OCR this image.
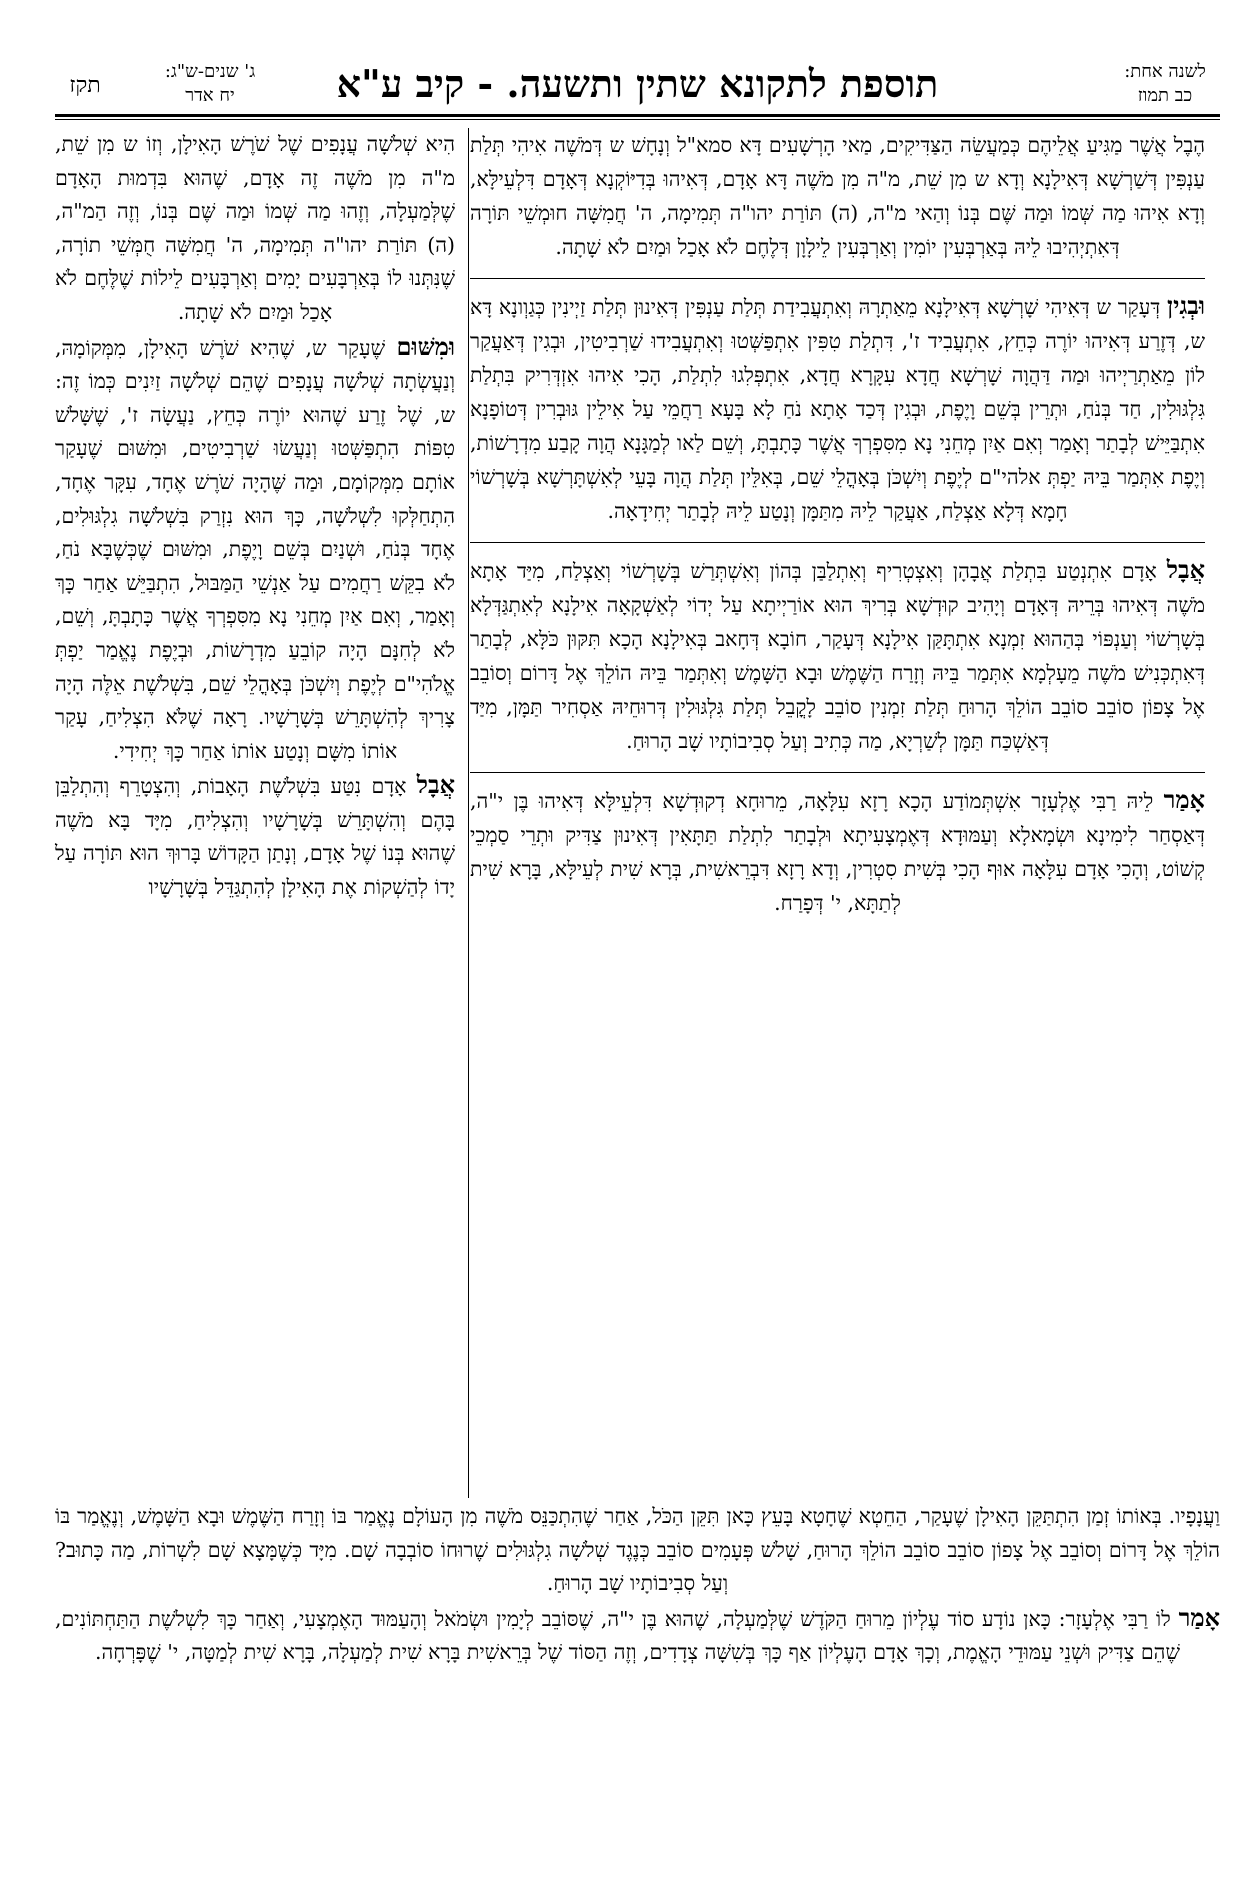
לשנה אחת:
כב תמוז
תוספת לתקונא שתין ותשעה. - קיב ע"א
ג' שנים-ש"ג:
יח אדר
תקז

הֶבֶל אֲשֶׁר מַגִּיעַ אֲלֵיהֶם כְּמַעֲשֵׂה הַצַּדִּיקִים, מַאי הָרְשָׁעִים דָּא סמא"ל וְנָחָשׁ ש דְּמֹשֶׁה אִיהִי תְּלַת עַנְפִּין דְּשַׁרְשָׁא דְּאִילָנָא וְדָא ש מִן שֵׁת, מ"ה מִן מֹשֶׁה דָּא אָדָם, דְּאִיהוּ בְּדִיּוֹקְנָא דְּאָדָם דִּלְעֵילָּא, וְדָא אִיהוּ מַה שְּׁמוֹ וּמַה שֶּׁם בְּנוֹ וְהַאי מ"ה, (ה) תּוֹרַת יהו"ה תְּמִימָה, ה' חֲמִשָּׁה חוּמְשֵׁי תּוֹרָה דְּאִתְיְהִיבוּ לֵיהּ בְּאַרְבְּעִין יוֹמִין וְאַרְבְּעִין לֵילָוָן דְּלֶחֶם לֹא אָכַל וּמַיִם לֹא שָׁתָה.

וּבְגִין דְּעָקַר ש דְּאִיהִי שָׁרְשָׁא דְּאִילָנָא מֵאַתְרָהּ וְאִתְעֲבִידַת תְּלַת עַנְפִּין דְּאִינוּן תְּלַת זַיְינִין כְּגַוְונָא דָּא ש, דְּזֶרַע דְּאִיהוּ יוֹרֶה כְּחֵץ, אִתְעֲבִיד ז', דִּתְלַת טִפִּין אִתְפַּשְּׁטוּ וְאִתְעֲבִידוּ שַׁרְבִיטִין, וּבְגִין דְּאַעֲקַר לוֹן מֵאַתְרַיְיהוּ וּמַה דַּהֲוָה שָׁרְשָׁא חֲדָא עִקָּרָא חֲדָא, אִתְפְּלִגוּ לִתְלַת, הָכִי אִיהוּ אִזְדְּרִיק בִּתְלַת גִּלְגּוּלִין, חַד בְּנֹחַ, וּתְרֵין בְּשֵׁם וָיֶפֶת, וּבְגִין דְּכַד אָתָא נֹחַ לָא בָּעָא רַחֲמֵי עַל אִילֵין גּוּבְרִין דְּטוֹפָנָא אִתְבַּיֵּישׁ לְבָתַר וְאָמַר וְאִם אַיִן מְחֵנִי נָא מִסִּפְרְךָ אֲשֶׁר כָּתָבְתָּ, וְשֵׁם לַאו לְמַגָּנָא הֲוָה קָבַע מִדְרָשׁוֹת, וְיֶפֶת אִתְּמַר בֵּיהּ יַפְתְּ אלהי"ם לְיֶפֶת וְיִשְׁכֹּן בְּאָהֳלֵי שֵׁם, בְּאִלֵּין תְּלַת הֲוָה בָּעֵי לְאִשְׁתָּרְשָׁא בְּשָׁרְשׁוֹי חָמָא דְּלָא אַצְלַח, אַעֲקַר לֵיהּ מִתַּמָּן וְנָטַע לֵיהּ לְבָתַר יְחִידָאָה.

אֲבָל אָדָם אִתְנְטַע בִּתְלַת אֲבָהָן וְאִצְטְרִיף וְאִתְלַבַּן בְּהוֹן וְאִשְׁתְּרַשׁ בְּשָׁרְשׁוֹי וְאַצְלַח, מִיַּד אָתָא מֹשֶׁה דְּאִיהוּ בְּרֵיהּ דְּאָדָם וְיָהִיב קוּדְשָׁא בְּרִיךְ הוּא אוֹרַיְיתָא עַל יְדוֹי לְאַשְׁקָאָה אִילָנָא לְאִתְגַּדְּלָא בְּשָׁרְשׁוֹי וְעַנְפּוֹי בְּהַהוּא זִמְנָא אִתְתָּקַּן אִילָנָא דְּעָקַר, חוֹבָא דְּחָאב בְּאִילָנָא הָכָא תִּקּוּן כֹּלָּא, לְבָתַר דְּאִתְכְּנִישׁ מֹשֶׁה מֵעָלְמָא אִתְּמַר בֵּיהּ וְזָרַח הַשֶּׁמֶשׁ וּבָא הַשָּׁמֶשׁ וְאִתְּמַר בֵּיהּ הוֹלֵךְ אֶל דָּרוֹם וְסוֹבֵב אֶל צָפוֹן סוֹבֵב סוֹבֵב הוֹלֵךְ הָרוּחַ תְּלַת זִמְנִין סוֹבֵב לָקֳבֵל תְּלַת גִּלְגּוּלִין דְּרוּחֵיהּ אַסְחִיר תַּמָּן, מִיַּד דְּאַשְׁכַּח תַּמָּן לְשַׁרְיָא, מַה כְּתִיב וְעַל סְבִיבוֹתָיו שָׁב הָרוּחַ.

אָמַר לֵיהּ רַבִּי אֶלְעָזָר אִשְׁתְּמוֹדַע הָכָא רָזָא עִלָּאָה, מֵרוּחָא דְקוּדְשָׁא דִּלְעֵילָּא דְּאִיהוּ בֶּן י"ה, דְּאַסְחַר לִימִינָא וּשְׂמָאלָא וְעַמּוּדָא דְּאֶמְצָעִיתָא וּלְבָתַר לִתְלַת תַּתָּאִין דְּאִינוּן צַדִּיק וּתְרֵי סַמְכֵי קְשׁוֹט, וְהָכִי אָדָם עִלָּאָה אוּף הָכִי בְּשִׁית סִטְרִין, וְדָא רָזָא דִּבְרֵאשִׁית, בְּרָא שִׁית לְעֵילָּא, בָּרָא שִׁית לְתַתָּא, י' דְּפָרַח.

הִיא שְׁלֹשָׁה עֲנָפִים שֶׁל שֹׁרֶשׁ הָאִילָן, וְזוֹ ש מִן שֵׁת, מ"ה מִן מֹשֶׁה זֶה אָדָם, שֶׁהוּא בִּדְמוּת הָאָדָם שֶׁלְּמַעְלָה, וְזֶהוּ מַה שְּׁמוֹ וּמַה שֶּׁם בְּנוֹ, וְזֶה הַמ"ה, (ה) תּוֹרַת יהו"ה תְּמִימָה, ה' חֲמִשָּׁה חֻמְּשֵׁי תוֹרָה, שֶׁנִּתְּנוּ לוֹ בְּאַרְבָּעִים יָמִים וְאַרְבָּעִים לֵילוֹת שֶׁלֶּחֶם לֹא אָכַל וּמַיִם לֹא שָׁתָה.

וּמִשּׁוּם שֶׁעָקַר ש, שֶׁהִיא שֹׁרֶשׁ הָאִילָן, מִמְּקוֹמָהּ, וְנַעֲשְׂתָה שְׁלֹשָׁה עֲנָפִים שֶׁהֵם שְׁלֹשָׁה זַיִנִים כְּמוֹ זֶה: ש, שֶׁל זֶרַע שֶׁהוּא יוֹרֶה כְּחֵץ, נַעֲשָׂה ז', שֶׁשָּׁלֹשׁ טִפּוֹת הִתְפַּשְּׁטוּ וְנַעֲשׂוּ שַׁרְבִיטִים, וּמִשּׁוּם שֶׁעָקַר אוֹתָם מִמְּקוֹמָם, וּמַה שֶּׁהָיָה שֹׁרֶשׁ אֶחָד, עִקָּר אֶחָד, הִתְחַלְּקוּ לִשְׁלֹשָׁה, כָּךְ הוּא נִזְרַק בִּשְׁלֹשָׁה גִלְגּוּלִים, אֶחָד בְּנֹחַ, וּשְׁנַיִם בְּשֵׁם וָיֶפֶת, וּמִשּׁוּם שֶׁכְּשֶׁבָּא נֹחַ, לֹא בִקֵּשׁ רַחֲמִים עַל אַנְשֵׁי הַמַּבּוּל, הִתְבַּיֵּשׁ אַחַר כָּךְ וְאָמַר, וְאִם אַיִן מְחֵנִי נָא מִסִּפְרְךָ אֲשֶׁר כָּתָבְתָּ, וְשֵׁם, לֹא לְחִנָּם הָיָה קוֹבֵעַ מִדְרָשׁוֹת, וּבְיֶפֶת נֶאֱמַר יַפְתְּ אֱלֹהִי"ם לְיֶפֶת וְיִשְׁכֹּן בְּאָהֳלֵי שֵׁם, בִּשְׁלֹשֶׁת אֵלֶּה הָיָה צָרִיךְ לְהִשְׁתָּרֵשׁ בְּשָׁרָשָׁיו. רָאָה שֶׁלֹּא הִצְלִיחַ, עָקַר אוֹתוֹ מִשָּׁם וְנָטַע אוֹתוֹ אַחַר כָּךְ יְחִידִי.

אֲבָל אָדָם נִטַּע בִּשְׁלֹשֶׁת הָאָבוֹת, וְהִצְטָרֵף וְהִתְלַבֵּן בָּהֶם וְהִשְׁתָּרֵשׁ בְּשָׁרָשָׁיו וְהִצְלִיחַ, מִיָּד בָּא מֹשֶׁה שֶׁהוּא בְּנוֹ שֶׁל אָדָם, וְנָתַן הַקָּדוֹשׁ בָּרוּךְ הוּא תּוֹרָה עַל יָדוֹ לְהַשְׁקוֹת אֶת הָאִילָן לְהִתְגַּדֵּל בְּשָׁרָשָׁיו

וַעֲנָפָיו. בְּאוֹתוֹ זְמַן הִתְתַּקֵּן הָאִילָן שֶׁעָקַר, הַחֵטְא שֶׁחָטָא בָּעֵץ כָּאן תִּקֵּן הַכֹּל, אַחַר שֶׁהִתְכַּנֵּס מֹשֶׁה מִן הָעוֹלָם נֶאֱמַר בּוֹ וְזָרַח הַשֶּׁמֶשׁ וּבָא הַשָּׁמֶשׁ, וְנֶאֱמַר בּוֹ הוֹלֵךְ אֶל דָּרוֹם וְסוֹבֵב אֶל צָפוֹן סוֹבֵב סוֹבֵב הוֹלֵךְ הָרוּחַ, שָׁלֹשׁ פְּעָמִים סוֹבֵב כְּנֶגֶד שְׁלֹשָׁה גִלְגּוּלִים שֶׁרוּחוֹ סוֹבְבָה שָׁם. מִיָּד כְּשֶׁמָּצָא שָׁם לִשְׁרוֹת, מַה כָּתוּב? וְעַל סְבִיבוֹתָיו שָׁב הָרוּחַ.

אָמַר לוֹ רַבִּי אֶלְעָזָר: כָּאן נוֹדָע סוֹד עֶלְיוֹן מֵרוּחַ הַקֹּדֶשׁ שֶׁלְּמַעְלָה, שֶׁהוּא בֶּן י"ה, שֶׁסּוֹבֵב לְיָמִין וּשְׂמֹאל וְהָעַמּוּד הָאֶמְצָעִי, וְאַחַר כָּךְ לִשְׁלֹשֶׁת הַתַּחְתּוֹנִים, שֶׁהֵם צַדִּיק וּשְׁנֵי עַמּוּדֵי הָאֱמֶת, וְכָךְ אָדָם הָעֶלְיוֹן אַף כָּךְ בְּשִׁשָּׁה צְדָדִים, וְזֶה הַסּוֹד שֶׁל בְּרֵאשִׁית בָּרָא שִׁית לְמַעְלָה, בָּרָא שִׁית לְמַטָּה, י' שֶׁפָּרְחָה.
